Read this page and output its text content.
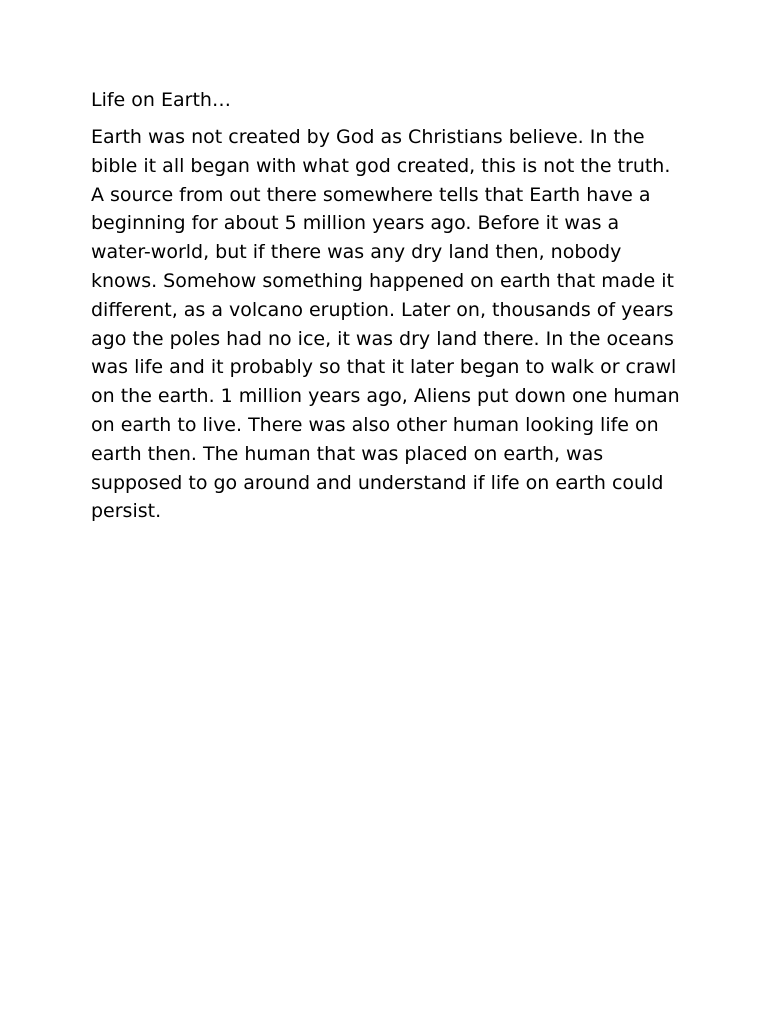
Life on Earth…

Earth was not created by God as Christians believe. In the bible it all began with what god created, this is not the truth. A source from out there somewhere tells that Earth have a beginning for about 5 million years ago. Before it was a water-world, but if there was any dry land then, nobody knows. Somehow something happened on earth that made it different, as a volcano eruption. Later on, thousands of years ago the poles had no ice, it was dry land there. In the oceans was life and it probably so that it later began to walk or crawl on the earth. 1 million years ago, Aliens put down one human on earth to live. There was also other human looking life on earth then. The human that was placed on earth, was supposed to go around and understand if life on earth could persist.
